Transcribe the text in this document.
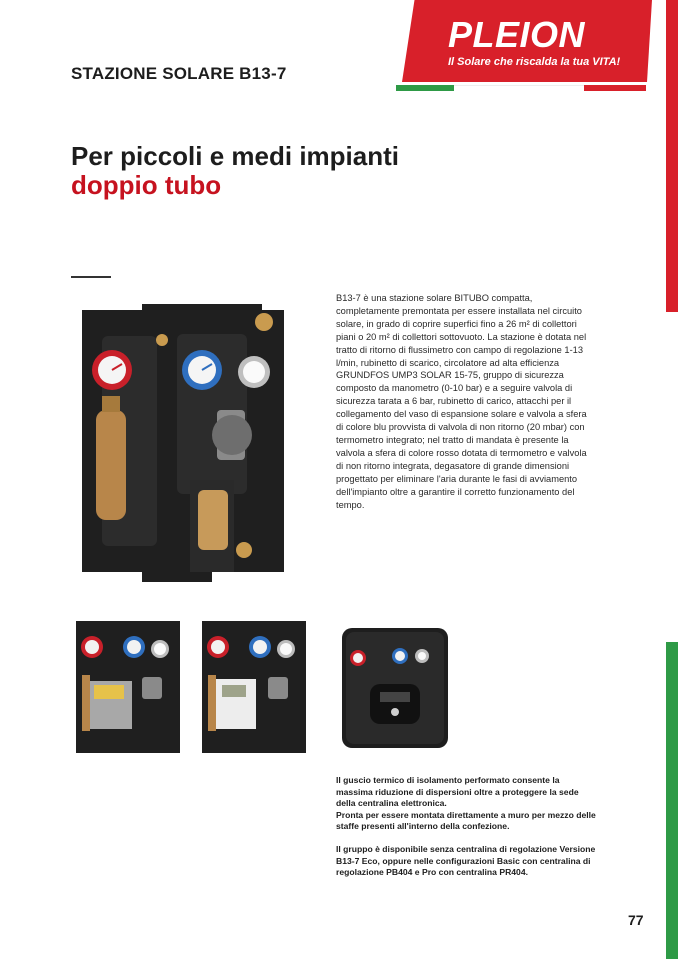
PLEION
Il Solare che riscalda la tua VITA!
STAZIONE SOLARE B13-7
Per piccoli e medi impianti
doppio tubo
B13-7 è una stazione solare BITUBO compatta, completamente premontata per essere installata nel circuito solare, in grado di coprire superfici fino a 26 m² di collettori piani o 20 m² di collettori sottovuoto. La stazione è dotata nel tratto di ritorno di flussimetro con campo di regolazione 1-13 l/min, rubinetto di scarico, circolatore ad alta efficienza GRUNDFOS UMP3 SOLAR 15-75, gruppo di sicurezza composto da manometro (0-10 bar) e a seguire valvola di sicurezza tarata a 6 bar, rubinetto di carico, attacchi per il collegamento del vaso di espansione solare e valvola a sfera di colore blu provvista di valvola di non ritorno (20 mbar) con termometro integrato; nel tratto di mandata è presente la valvola a sfera di colore rosso dotata di termometro e valvola di non ritorno integrata, degasatore di grande dimensioni progettato per eliminare l'aria durante le fasi di avviamento dell'impianto oltre a garantire il corretto funzionamento del tempo.

Il guscio termico di isolamento performato consente la massima riduzione di dispersioni oltre a proteggere la sede della centralina elettronica.
Pronta per essere montata direttamente a muro per mezzo delle staffe presenti all'interno della confezione.

Il gruppo è disponibile senza centralina di regolazione Versione B13-7 Eco, oppure nelle configurazioni Basic con centralina di regolazione PB404 e Pro con centralina PR404.

77
